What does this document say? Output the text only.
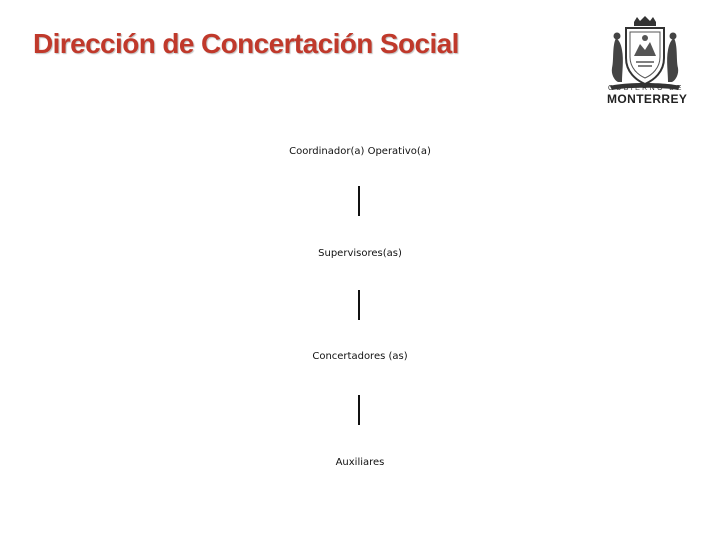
Dirección de Concertación Social
GOBIERNO DE
MONTERREY
Coordinador(a) Operativo(a)
Supervisores(as)
Concertadores (as)
Auxiliares
